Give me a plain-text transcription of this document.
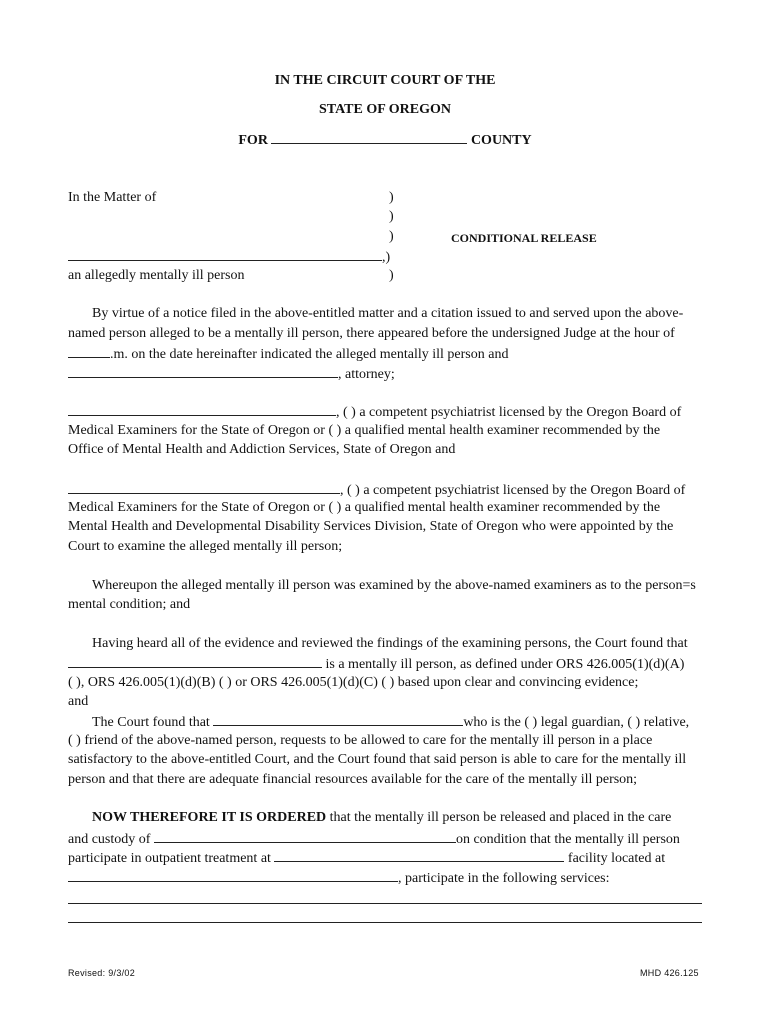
IN THE CIRCUIT COURT OF THE
STATE OF OREGON
FOR	COUNTY
In the Matter of	)
)
)	CONDITIONAL RELEASE
,)
an allegedly mentally ill person	)
By virtue of a notice filed in the above-entitled matter and a citation issued to and served upon the above-
named person alleged to be a mentally ill person, there appeared before the undersigned Judge at the hour of
.m. on the date hereinafter indicated the alleged mentally ill person and
, attorney;
, ( ) a competent psychiatrist licensed by the Oregon Board of
Medical Examiners for the State of Oregon or ( ) a qualified mental health examiner recommended by the
Office of Mental Health and Addiction Services, State of Oregon and
, ( ) a competent psychiatrist licensed by the Oregon Board of
Medical Examiners for the State of Oregon or ( ) a qualified mental health examiner recommended by the
Mental Health and Developmental Disability Services Division, State of Oregon who were appointed by the
Court to examine the alleged mentally ill person;
Whereupon the alleged mentally ill person was examined by the above-named examiners as to the person=s
mental condition; and
Having heard all of the evidence and reviewed the findings of the examining persons, the Court found that
is a mentally ill person, as defined under ORS 426.005(1)(d)(A)
( ), ORS 426.005(1)(d)(B) ( ) or ORS 426.005(1)(d)(C) ( ) based upon clear and convincing evidence;
and
The Court found that	who is the ( ) legal guardian, ( ) relative,
( ) friend of the above-named person, requests to be allowed to care for the mentally ill person in a place
satisfactory to the above-entitled Court, and the Court found that said person is able to care for the mentally ill
person and that there are adequate financial resources available for the care of the mentally ill person;
NOW THEREFORE IT IS ORDERED that the mentally ill person be released and placed in the care
and custody of	on condition that the mentally ill person
participate in outpatient treatment at	facility located at
, participate in the following services:
Revised: 9/3/02	MHD 426.125
